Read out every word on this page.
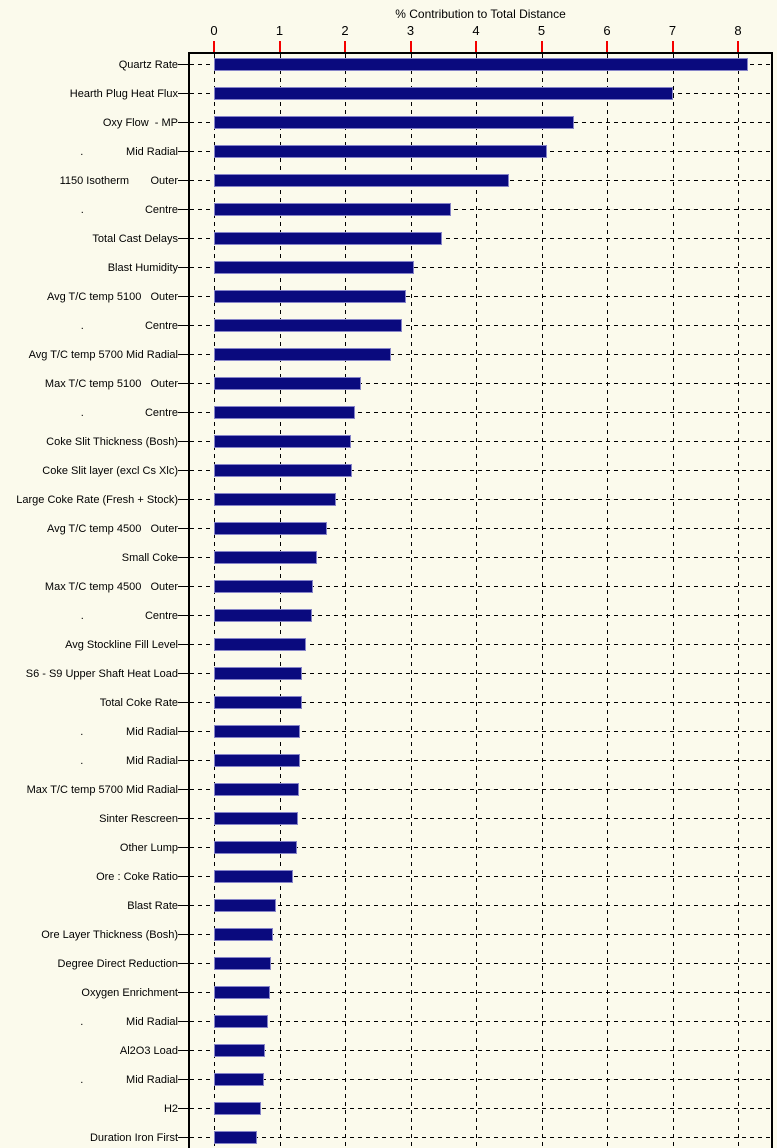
% Contribution to Total Distance
0	1	2	3	4	5	6	7	8
Quartz Rate
Hearth Plug Heat Flux
Oxy Flow  - MP
.              Mid Radial
1150 Isotherm       Outer
.                    Centre
Total Cast Delays
Blast Humidity
Avg T/C temp 5100   Outer
.                    Centre
Avg T/C temp 5700 Mid Radial
Max T/C temp 5100   Outer
.                    Centre
Coke Slit Thickness (Bosh)
Coke Slit layer (excl Cs Xlc)
Large Coke Rate (Fresh + Stock)
Avg T/C temp 4500   Outer
Small Coke
Max T/C temp 4500   Outer
.                    Centre
Avg Stockline Fill Level
S6 - S9 Upper Shaft Heat Load
Total Coke Rate
.              Mid Radial
.              Mid Radial
Max T/C temp 5700 Mid Radial
Sinter Rescreen
Other Lump
Ore : Coke Ratio
Blast Rate
Ore Layer Thickness (Bosh)
Degree Direct Reduction
Oxygen Enrichment
.              Mid Radial
Al2O3 Load
.              Mid Radial
H2
Duration Iron First
